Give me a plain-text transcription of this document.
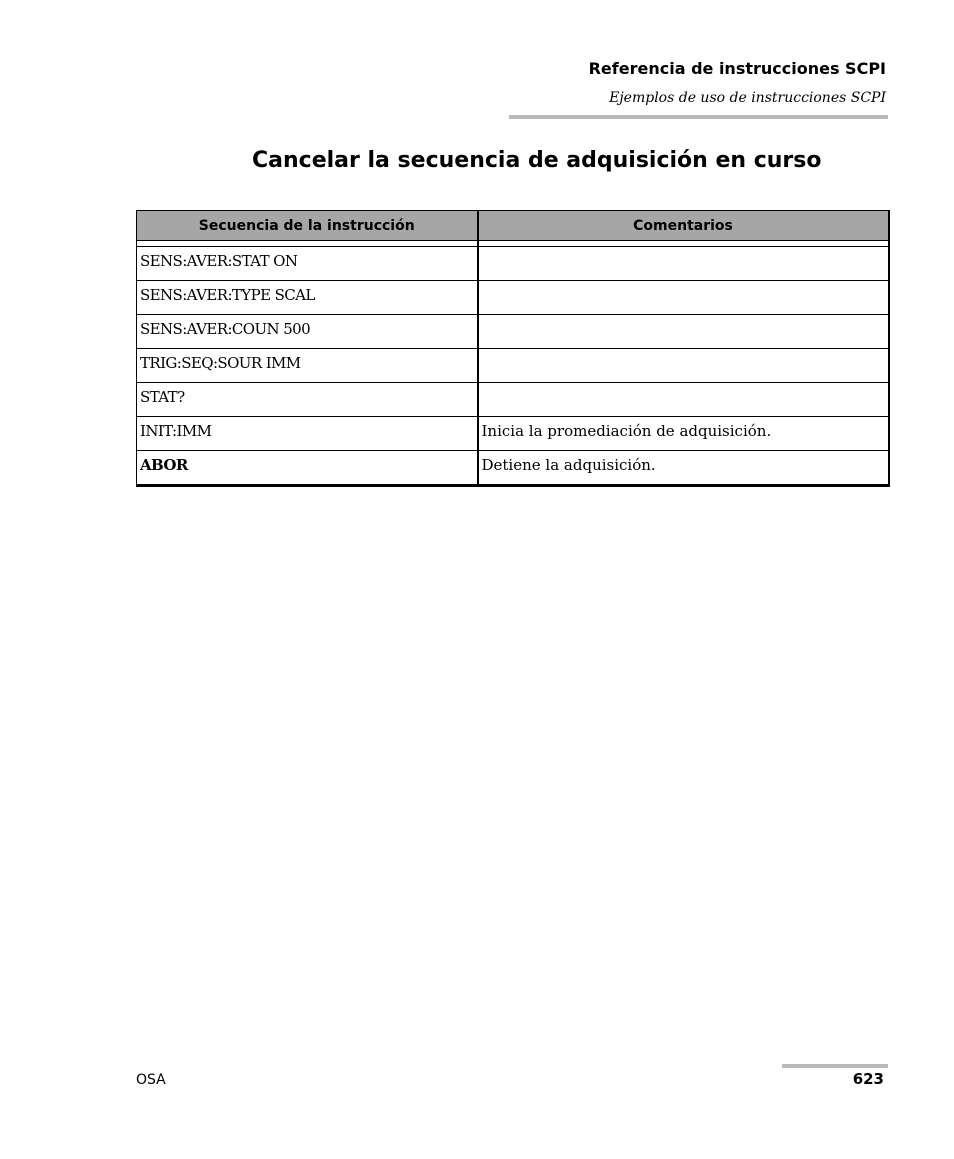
Referencia de instrucciones SCPI
Ejemplos de uso de instrucciones SCPI
Cancelar la secuencia de adquisición en curso
Secuencia de la instrucción	Comentarios

SENS:AVER:STAT ON	
SENS:AVER:TYPE SCAL	
SENS:AVER:COUN 500	
TRIG:SEQ:SOUR IMM	
STAT?	
INIT:IMM	Inicia la promediación de adquisición.
ABOR	Detiene la adquisición.
OSA	623
